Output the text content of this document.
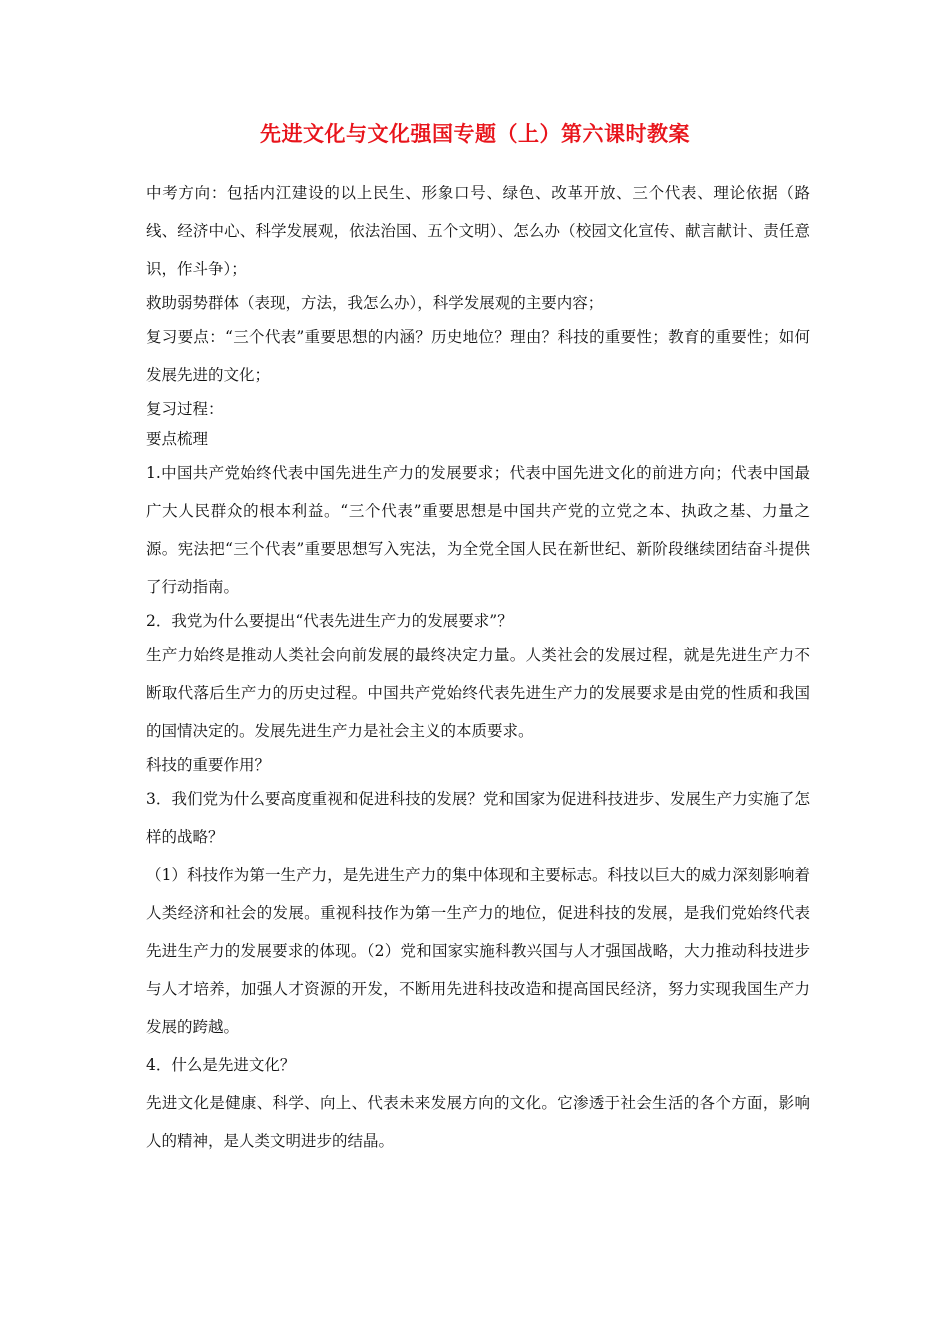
先进文化与文化强国专题（上）第六课时教案

中考方向：包括内江建设的以上民生、形象口号、绿色、改革开放、三个代表、理论依据（路线、经济中心、科学发展观，依法治国、五个文明）、怎么办（校园文化宣传、献言献计、责任意识，作斗争）；

救助弱势群体（表现，方法，我怎么办），科学发展观的主要内容；

复习要点：“三个代表”重要思想的内涵？历史地位？理由？科技的重要性；教育的重要性；如何发展先进的文化；

复习过程：

要点梳理

1.中国共产党始终代表中国先进生产力的发展要求；代表中国先进文化的前进方向；代表中国最广大人民群众的根本利益。“三个代表”重要思想是中国共产党的立党之本、执政之基、力量之源。宪法把“三个代表”重要思想写入宪法，为全党全国人民在新世纪、新阶段继续团结奋斗提供了行动指南。

2．我党为什么要提出“代表先进生产力的发展要求”？

生产力始终是推动人类社会向前发展的最终决定力量。人类社会的发展过程，就是先进生产力不断取代落后生产力的历史过程。中国共产党始终代表先进生产力的发展要求是由党的性质和我国的国情决定的。发展先进生产力是社会主义的本质要求。

科技的重要作用？

3．我们党为什么要高度重视和促进科技的发展？党和国家为促进科技进步、发展生产力实施了怎样的战略？

（1）科技作为第一生产力，是先进生产力的集中体现和主要标志。科技以巨大的威力深刻影响着人类经济和社会的发展。重视科技作为第一生产力的地位，促进科技的发展，是我们党始终代表先进生产力的发展要求的体现。（2）党和国家实施科教兴国与人才强国战略，大力推动科技进步与人才培养，加强人才资源的开发，不断用先进科技改造和提高国民经济，努力实现我国生产力发展的跨越。

4．什么是先进文化？

先进文化是健康、科学、向上、代表未来发展方向的文化。它渗透于社会生活的各个方面，影响人的精神，是人类文明进步的结晶。
